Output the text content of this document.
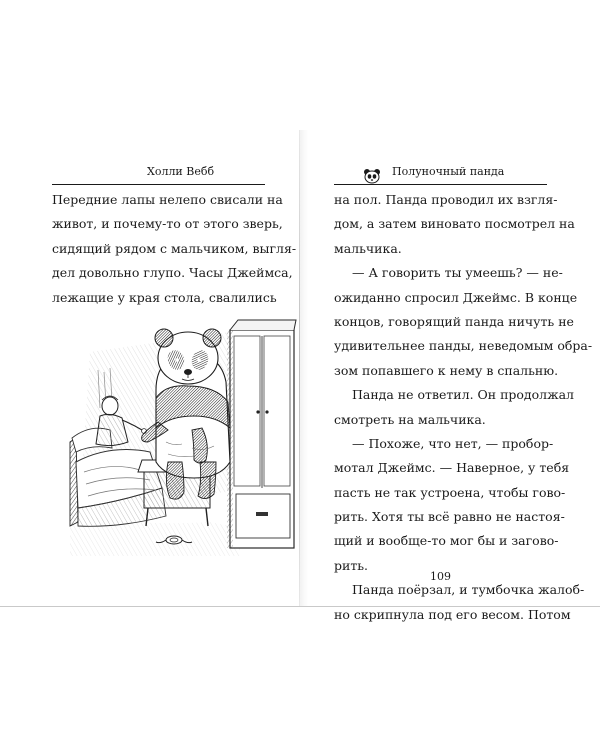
Холли Вебб
Передние лапы нелепо свисали на
живот, и почему-то от этого зверь,
сидящий рядом с мальчиком, выгля-
дел довольно глупо. Часы Джеймса,
лежащие у края стола, свалились
Полуночный панда
на пол. Панда проводил их взгля-
дом, а затем виновато посмотрел на
мальчика.
— А говорить ты умеешь? — не-
ожиданно спросил Джеймс. В конце
концов, говорящий панда ничуть не
удивительнее панды, неведомым обра-
зом попавшего к нему в спальню.
Панда не ответил. Он продолжал
смотреть на мальчика.
— Похоже, что нет, — пробор-
мотал Джеймс. — Наверное, у тебя
пасть не так устроена, чтобы гово-
рить. Хотя ты всё равно не настоя-
щий и вообще-то мог бы и загово-
рить.
Панда поёрзал, и тумбочка жалоб-
но скрипнула под его весом. Потом
109
